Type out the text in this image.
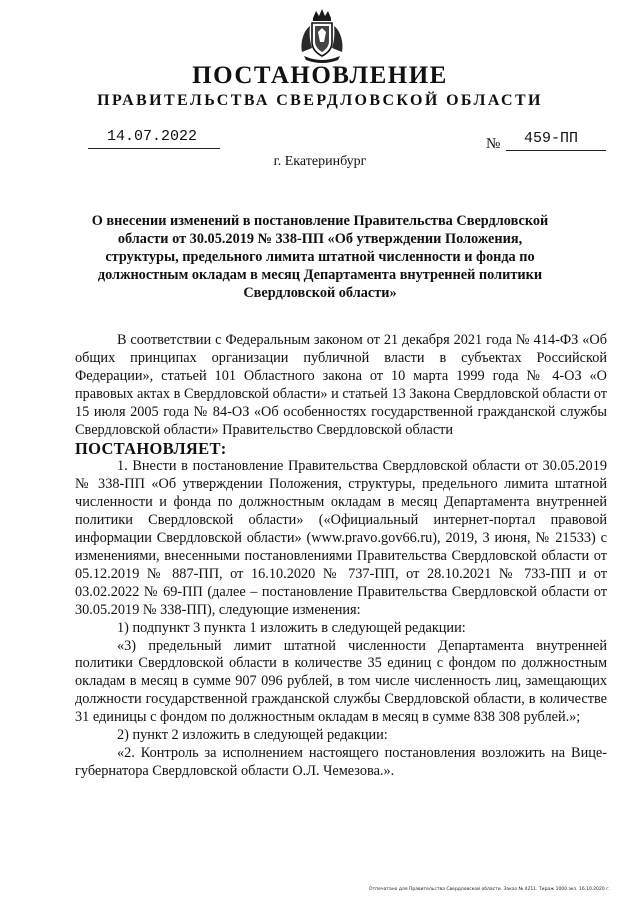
ПОСТАНОВЛЕНИЕ
ПРАВИТЕЛЬСТВА СВЕРДЛОВСКОЙ ОБЛАСТИ
14.07.2022	№ 459-ПП
г. Екатеринбург
О внесении изменений в постановление Правительства Свердловской области от 30.05.2019 № 338-ПП «Об утверждении Положения, структуры, предельного лимита штатной численности и фонда по должностным окладам в месяц Департамента внутренней политики Свердловской области»

В соответствии с Федеральным законом от 21 декабря 2021 года № 414-ФЗ «Об общих принципах организации публичной власти в субъектах Российской Федерации», статьей 101 Областного закона от 10 марта 1999 года № 4-ОЗ «О правовых актах в Свердловской области» и статьей 13 Закона Свердловской области от 15 июля 2005 года № 84-ОЗ «Об особенностях государственной гражданской службы Свердловской области» Правительство Свердловской области

ПОСТАНОВЛЯЕТ:

1. Внести в постановление Правительства Свердловской области от 30.05.2019 № 338-ПП «Об утверждении Положения, структуры, предельного лимита штатной численности и фонда по должностным окладам в месяц Департамента внутренней политики Свердловской области» («Официальный интернет-портал правовой информации Свердловской области» (www.pravo.gov66.ru), 2019, 3 июня, № 21533) с изменениями, внесенными постановлениями Правительства Свердловской области от 05.12.2019 № 887-ПП, от 16.10.2020 № 737-ПП, от 28.10.2021 № 733-ПП и от 03.02.2022 № 69-ПП (далее – постановление Правительства Свердловской области от 30.05.2019 № 338-ПП), следующие изменения:

1) подпункт 3 пункта 1 изложить в следующей редакции:

«3) предельный лимит штатной численности Департамента внутренней политики Свердловской области в количестве 35 единиц с фондом по должностным окладам в месяц в сумме 907 096 рублей, в том числе численность лиц, замещающих должности государственной гражданской службы Свердловской области, в количестве 31 единицы с фондом по должностным окладам в месяц в сумме 838 308 рублей.»;

2) пункт 2 изложить в следующей редакции:

«2. Контроль за исполнением настоящего постановления возложить на Вице-губернатора Свердловской области О.Л. Чемезова.».

Отпечатано для Правительства Свердловской области. Заказ № 4211. Тираж 1000 экз. 16.10.2020 г.
